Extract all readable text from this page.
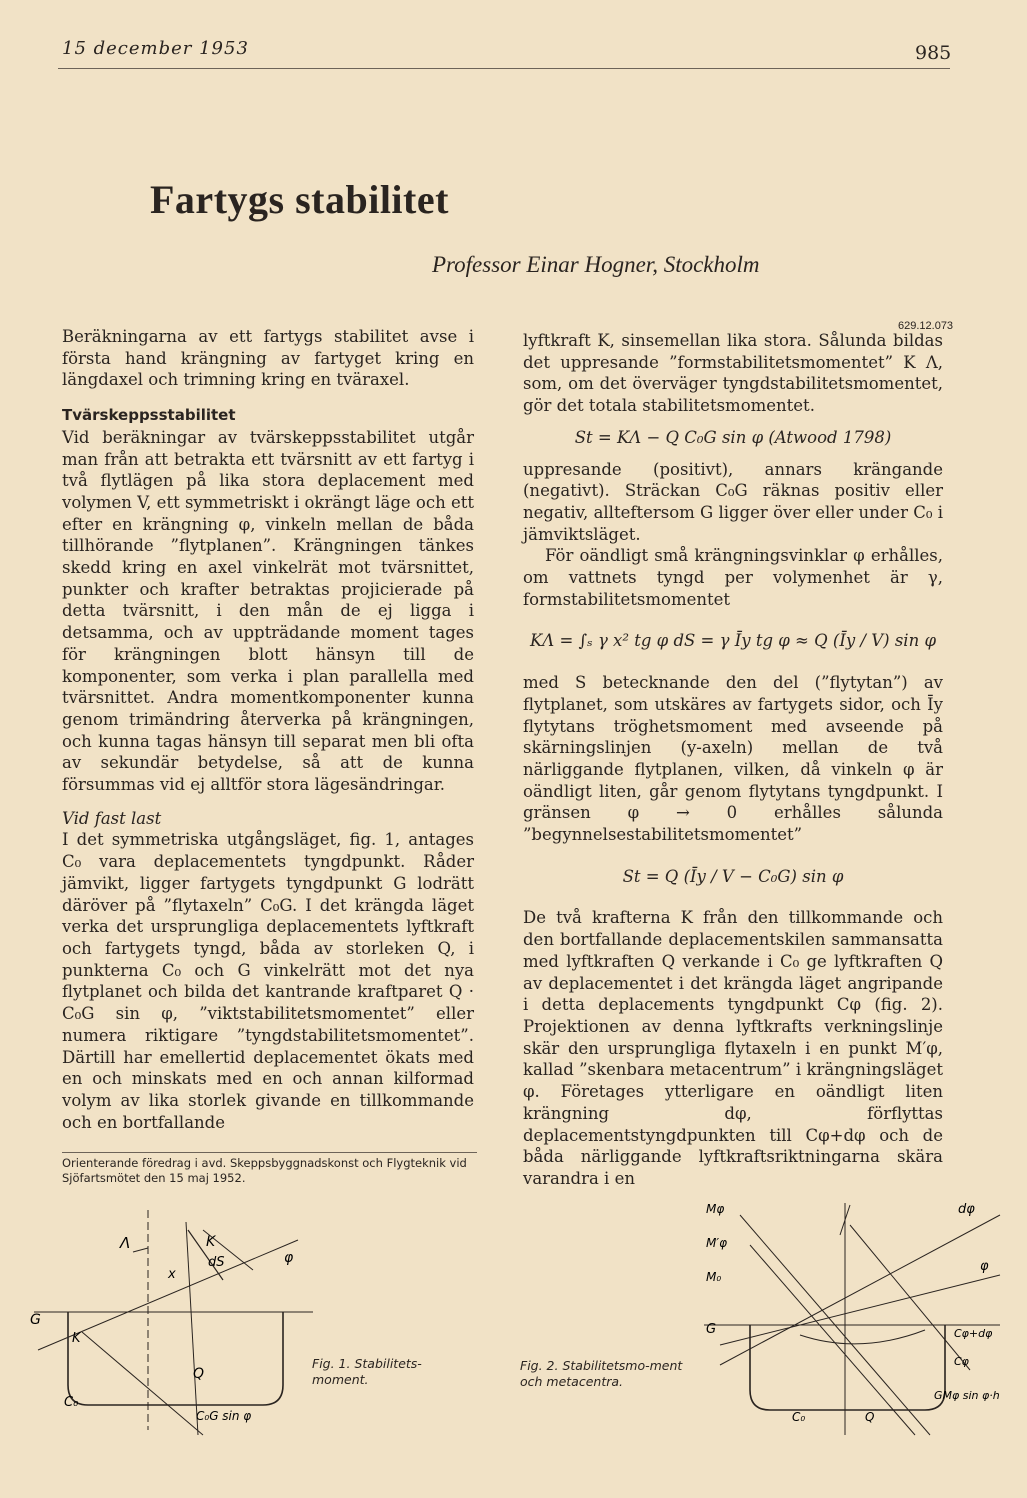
15 december 1953	985
Fartygs stabilitet
Professor Einar Hogner, Stockholm
629.12.073

Beräkningarna av ett fartygs stabilitet avse i första hand krängning av fartyget kring en längdaxel och trimning kring en tväraxel.

Tvärskeppsstabilitet

Vid beräkningar av tvärskeppsstabilitet utgår man från att betrakta ett tvärsnitt av ett fartyg i två flytlägen på lika stora deplacement med volymen V, ett symmetriskt i okrängt läge och ett efter en krängning φ, vinkeln mellan de båda tillhörande ”flytplanen”. Krängningen tänkes skedd kring en axel vinkelrät mot tvärsnittet, punkter och krafter betraktas projicierade på detta tvärsnitt, i den mån de ej ligga i detsamma, och av uppträdande moment tages för krängningen blott hänsyn till de komponenter, som verka i plan parallella med tvärsnittet. Andra momentkomponenter kunna genom trimändring återverka på krängningen, och kunna tagas hänsyn till separat men bli ofta av sekundär betydelse, så att de kunna försummas vid ej alltför stora lägesändringar.

Vid fast last

I det symmetriska utgångsläget, fig. 1, antages C₀ vara deplacementets tyngdpunkt. Råder jämvikt, ligger fartygets tyngdpunkt G lodrätt däröver på ”flytaxeln” C₀G. I det krängda läget verka det ursprungliga deplacementets lyftkraft och fartygets tyngd, båda av storleken Q, i punkterna C₀ och G vinkelrätt mot det nya flytplanet och bilda det kantrande kraftparet Q · C₀G sin φ, ”viktstabilitetsmomentet” eller numera riktigare ”tyngdstabilitetsmomentet”. Därtill har emellertid deplacementet ökats med en och minskats med en och annan kilformad volym av lika storlek givande en tillkommande och en bortfallande

lyftkraft K, sinsemellan lika stora. Sålunda bildas det uppresande ”formstabilitetsmomentet” K Λ, som, om det överväger tyngdstabilitetsmomentet, gör det totala stabilitetsmomentet.

St = KΛ − Q C₀G sin φ (Atwood 1798)

uppresande (positivt), annars krängande (negativt). Sträckan C₀G räknas positiv eller negativ, allteftersom G ligger över eller under C₀ i jämviktsläget.

För oändligt små krängningsvinklar φ erhålles, om vattnets tyngd per volymenhet är γ, formstabilitetsmomentet

KΛ = ∫ₛ γ x² tg φ dS = γ Īy tg φ ≈ Q (Īy / V) sin φ

med S betecknande den del (”flytytan”) av flytplanet, som utskäres av fartygets sidor, och Īy flytytans tröghetsmoment med avseende på skärningslinjen (y-axeln) mellan de två närliggande flytplanen, vilken, då vinkeln φ är oändligt liten, går genom flytytans tyngdpunkt. I gränsen φ → 0 erhålles sålunda ”begynnelsestabilitetsmomentet”

St = Q (Īy / V − C₀G) sin φ

De två krafterna K från den tillkommande och den bortfallande deplacementskilen sammansatta med lyftkraften Q verkande i C₀ ge lyftkraften Q av deplacementet i det krängda läget angripande i detta deplacements tyngdpunkt Cφ (fig. 2). Projektionen av denna lyftkrafts verkningslinje skär den ursprungliga flytaxeln i en punkt M′φ, kallad ”skenbara metacentrum” i krängningsläget φ. Företages ytterligare en oändligt liten krängning dφ, förflyttas deplacementstyngdpunkten till Cφ+dφ och de båda närliggande lyftkraftsriktningarna skära varandra i en

Orienterande föredrag i avd. Skeppsbyggnadskonst och Flygteknik vid Sjöfartsmötet den 15 maj 1952.
Λ	K
dS
x
φ
G
K
Q
C₀
C₀G sin φ
Fig. 1. Stabilitets-moment.
Fig. 2. Stabilitetsmo-ment och metacentra.
Mφ
M′φ
M₀
dφ
φ
G	Cφ+dφ
Cφ
GMφ sin φ·h
C₀	Q
